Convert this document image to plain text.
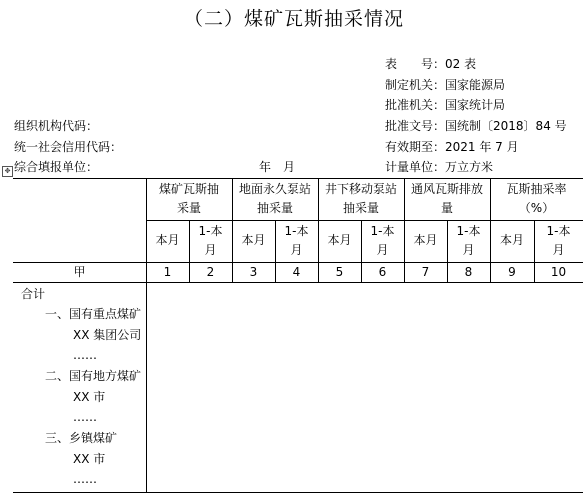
（二）煤矿瓦斯抽采情况
表　　号：02 表
制定机关：国家能源局
批准机关：国家统计局
批准文号：国统制〔2018〕84 号
有效期至：2021 年 7 月
计量单位：万立方米
组织机构代码：
统一社会信用代码：
综合填报单位：	年　月
✥
煤矿瓦斯抽
采量
地面永久泵站
抽采量
井下移动泵站
抽采量
通风瓦斯排放
量
瓦斯抽采率
（%）
本月
1
1-本
月
2
本月
3
1-本
月
4
本月
5
1-本
月
6
本月
7
1-本
月
8
本月
9
1-本
月
10
甲
合计
一、国有重点煤矿
XX 集团公司
……
二、国有地方煤矿
XX 市
……
三、乡镇煤矿
XX 市
……
